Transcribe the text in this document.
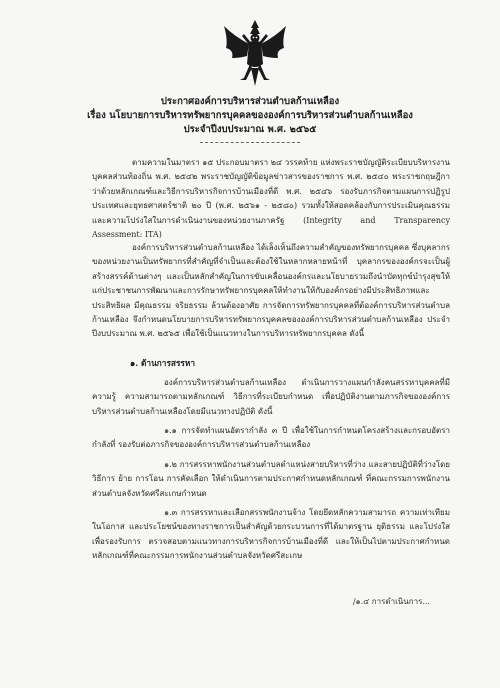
ประกาศองค์การบริหารส่วนตำบลก้านเหลือง
เรื่อง นโยบายการบริหารทรัพยากรบุคคลขององค์การบริหารส่วนตำบลก้านเหลือง
ประจำปีงบประมาณ พ.ศ. ๒๕๖๕

ตามความในมาตรา ๑๕ ประกอบมาตรา ๒๔ วรรคท้าย แห่งพระราชบัญญัติระเบียบบริหารงานบุคคลส่วนท้องถิ่น พ.ศ. ๒๕๔๒ พระราชบัญญัติข้อมูลข่าวสารของราชการ พ.ศ. ๒๕๔๐ พระราชกฤษฎีกาว่าด้วยหลักเกณฑ์และวิธีการบริหารกิจการบ้านเมืองที่ดี พ.ศ. ๒๕๔๖ รองรับภารกิจตามแผนการปฏิรูปประเทศและยุทธศาสตร์ชาติ ๒๐ ปี (พ.ศ. ๒๕๖๑ - ๒๕๘๐) รวมทั้งให้สอดคล้องกับการประเมินคุณธรรมและความโปร่งใสในการดำเนินงานของหน่วยงานภาครัฐ (Integrity and Transparency Assessment: ITA)

องค์การบริหารส่วนตำบลก้านเหลือง ได้เล็งเห็นถึงความสำคัญของทรัพยากรบุคคล ซึ่งบุคลากรของหน่วยงานเป็นทรัพยากรที่สำคัญที่จำเป็นและต้องใช้ในหลากหลายหน้าที่ บุคลากรขององค์กรจะเป็นผู้สร้างสรรค์ด้านต่างๆ และเป็นหลักสำคัญในการขับเคลื่อนองค์กรและนโยบายรวมถึงนำบัดทุกข์บำรุงสุขให้แก่ประชาชนการพัฒนาและการรักษาทรัพยากรบุคคลให้ทำงานให้กับองค์กรอย่างมีประสิทธิภาพและประสิทธิผล มีคุณธรรม จริยธรรม ล้วนต้องอาศัย การจัดการทรัพยากรบุคคลที่ต้องค์การบริหารส่วนตำบลก้านเหลือง จึงกำหนดนโยบายการบริหารทรัพยากรบุคคลขององค์การบริหารส่วนตำบลก้านเหลือง ประจำปีงบประมาณ พ.ศ. ๒๕๖๕ เพื่อใช้เป็นแนวทางในการบริหารทรัพยากรบุคคล ดังนี้

๑. ด้านการสรรหา

องค์การบริหารส่วนตำบลก้านเหลือง ดำเนินการวางแผนกำลังคนสรรหาบุคคลที่มีความรู้ ความสามารถตามหลักเกณฑ์ วิธีการที่ระเบียบกำหนด เพื่อปฏิบัติงานตามภารกิจขององค์การบริหารส่วนตำบลก้านเหลืองโดยมีแนวทางปฏิบัติ ดังนี้

๑.๑ การจัดทำแผนอัตรากำลัง ๓ ปี เพื่อใช้ในการกำหนดโครงสร้างและกรอบอัตรากำลังที่ รองรับต่อภารกิจขององค์การบริหารส่วนตำบลก้านเหลือง

๑.๒ การสรรหาพนักงานส่วนตำบลตำแหน่งสายบริหารที่ว่าง และสายปฏิบัติที่ว่างโดยวิธีการ ย้าย การโอน การคัดเลือก ให้ดำเนินการตามประกาศกำหนดหลักเกณฑ์ ที่คณะกรรมการพนักงานส่วนตำบลจังหวัดศรีสะเกษกำหนด

๑.๓ การสรรหาและเลือกสรรพนักงานจ้าง โดยยึดหลักความสามารถ ความเท่าเทียมในโอกาส และประโยชน์ของทางราชการเป็นสำคัญด้วยกระบวนการที่ได้มาตรฐาน ยุติธรรม และโปร่งใส เพื่อรองรับการ ตรวจสอบตามแนวทางการบริหารกิจการบ้านเมืองที่ดี และให้เป็นไปตามประกาศกำหนดหลักเกณฑ์ที่คณะกรรมการพนักงานส่วนตำบลจังหวัดศรีสะเกษ

/๑.๔ การดำเนินการ...
